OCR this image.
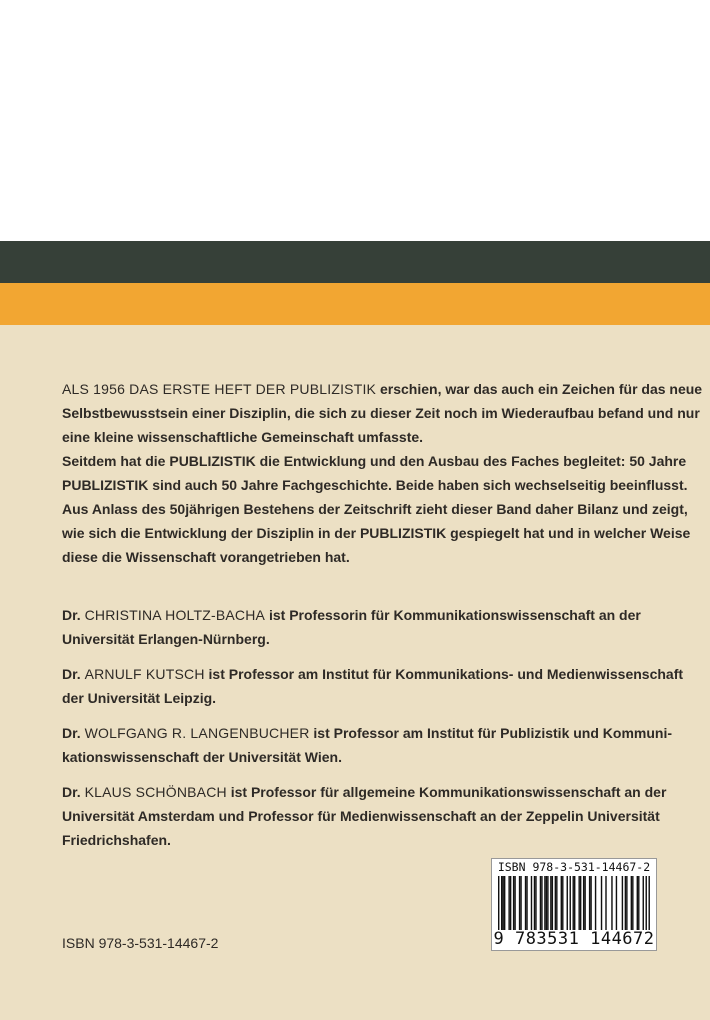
ALS 1956 DAS ERSTE HEFT DER PUBLIZISTIK erschien, war das auch ein Zeichen für das neue
Selbstbewusstsein einer Disziplin, die sich zu dieser Zeit noch im Wiederaufbau befand und nur
eine kleine wissenschaftliche Gemeinschaft umfasste.
Seitdem hat die PUBLIZISTIK die Entwicklung und den Ausbau des Faches begleitet: 50 Jahre
PUBLIZISTIK sind auch 50 Jahre Fachgeschichte. Beide haben sich wechselseitig beeinflusst.
Aus Anlass des 50jährigen Bestehens der Zeitschrift zieht dieser Band daher Bilanz und zeigt,
wie sich die Entwicklung der Disziplin in der PUBLIZISTIK gespiegelt hat und in welcher Weise
diese die Wissenschaft vorangetrieben hat.
Dr. CHRISTINA HOLTZ-BACHA ist Professorin für Kommunikationswissenschaft an der
Universität Erlangen-Nürnberg.
Dr. ARNULF KUTSCH ist Professor am Institut für Kommunikations- und Medienwissenschaft
der Universität Leipzig.
Dr. WOLFGANG R. LANGENBUCHER ist Professor am Institut für Publizistik und Kommuni-
kationswissenschaft der Universität Wien.
Dr. KLAUS SCHÖNBACH ist Professor für allgemeine Kommunikationswissenschaft an der
Universität Amsterdam und Professor für Medienwissenschaft an der Zeppelin Universität
Friedrichshafen.
ISBN 978-3-531-14467-2
9 783531 144672
ISBN 978-3-531-14467-2
